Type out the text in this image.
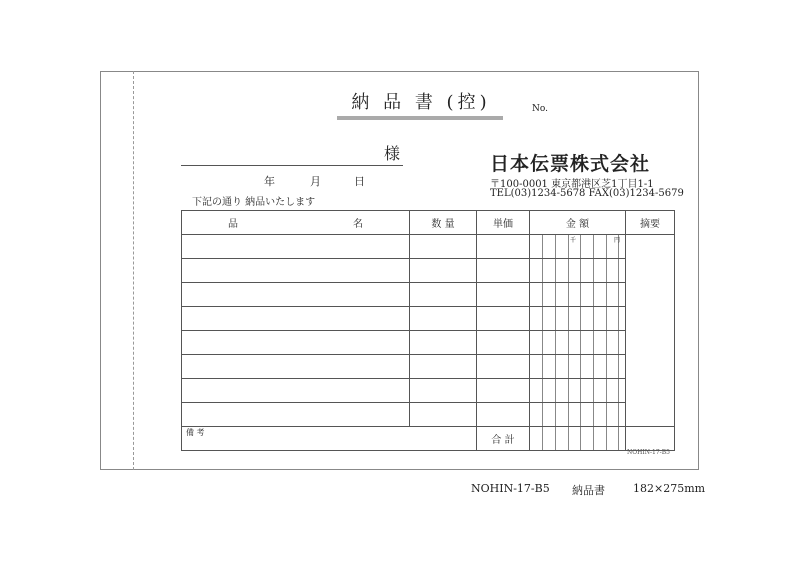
納 品 書 (控)	No.
様
年	月	日
下記の通り 納品いたします
日本伝票株式会社
〒100-0001 東京都港区芝1丁目1-1
TEL(03)1234-5678 FAX(03)1234-5679
品 名	数 量	単価	金 額	摘要

			千 円	

備 考		合 計	

NOHIN-17-B5
NOHIN-17-B5 納品書	182×275mm
